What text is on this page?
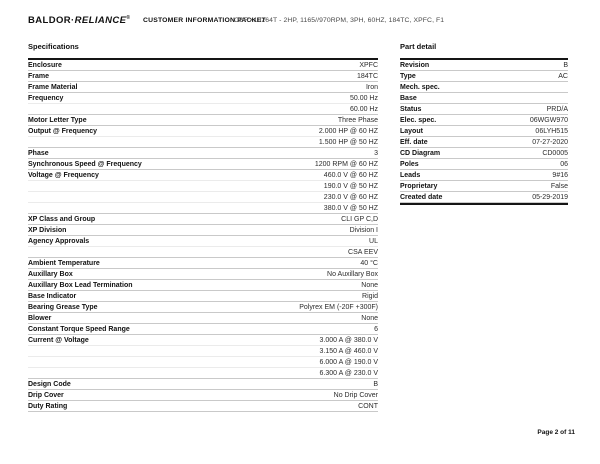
BALDOR·RELIANCE® CUSTOMER INFORMATION PACKET
CDRX18264T - 2HP, 1165//970RPM, 3PH, 60HZ, 184TC, XPFC, F1
Specifications
Enclosure	XPFC
Frame	184TC
Frame Material	Iron
Frequency	50.00 Hz
60.00 Hz
Motor Letter Type	Three Phase
Output @ Frequency	2.000 HP @ 60 HZ
1.500 HP @ 50 HZ
Phase	3
Synchronous Speed @ Frequency	1200 RPM @ 60 HZ
Voltage @ Frequency	460.0 V @ 60 HZ
190.0 V @ 50 HZ
230.0 V @ 60 HZ
380.0 V @ 50 HZ
XP Class and Group	CLI GP C,D
XP Division	Division I
Agency Approvals	UL
CSA EEV
Ambient Temperature	40 °C
Auxillary Box	No Auxillary Box
Auxillary Box Lead Termination	None
Base Indicator	Rigid
Bearing Grease Type	Polyrex EM (-20F +300F)
Blower	None
Constant Torque Speed Range	6
Current @ Voltage	3.000 A @ 380.0 V
3.150 A @ 460.0 V
6.000 A @ 190.0 V
6.300 A @ 230.0 V
Design Code	B
Drip Cover	No Drip Cover
Duty Rating	CONT
Part detail
Revision	B
Type	AC
Mech. spec.
Base
Status	PRD/A
Elec. spec.	06WGW970
Layout	06LYH515
Eff. date	07-27-2020
CD Diagram	CD0005
Poles	06
Leads	9#16
Proprietary	False
Created date	05-29-2019
Page 2 of 11
